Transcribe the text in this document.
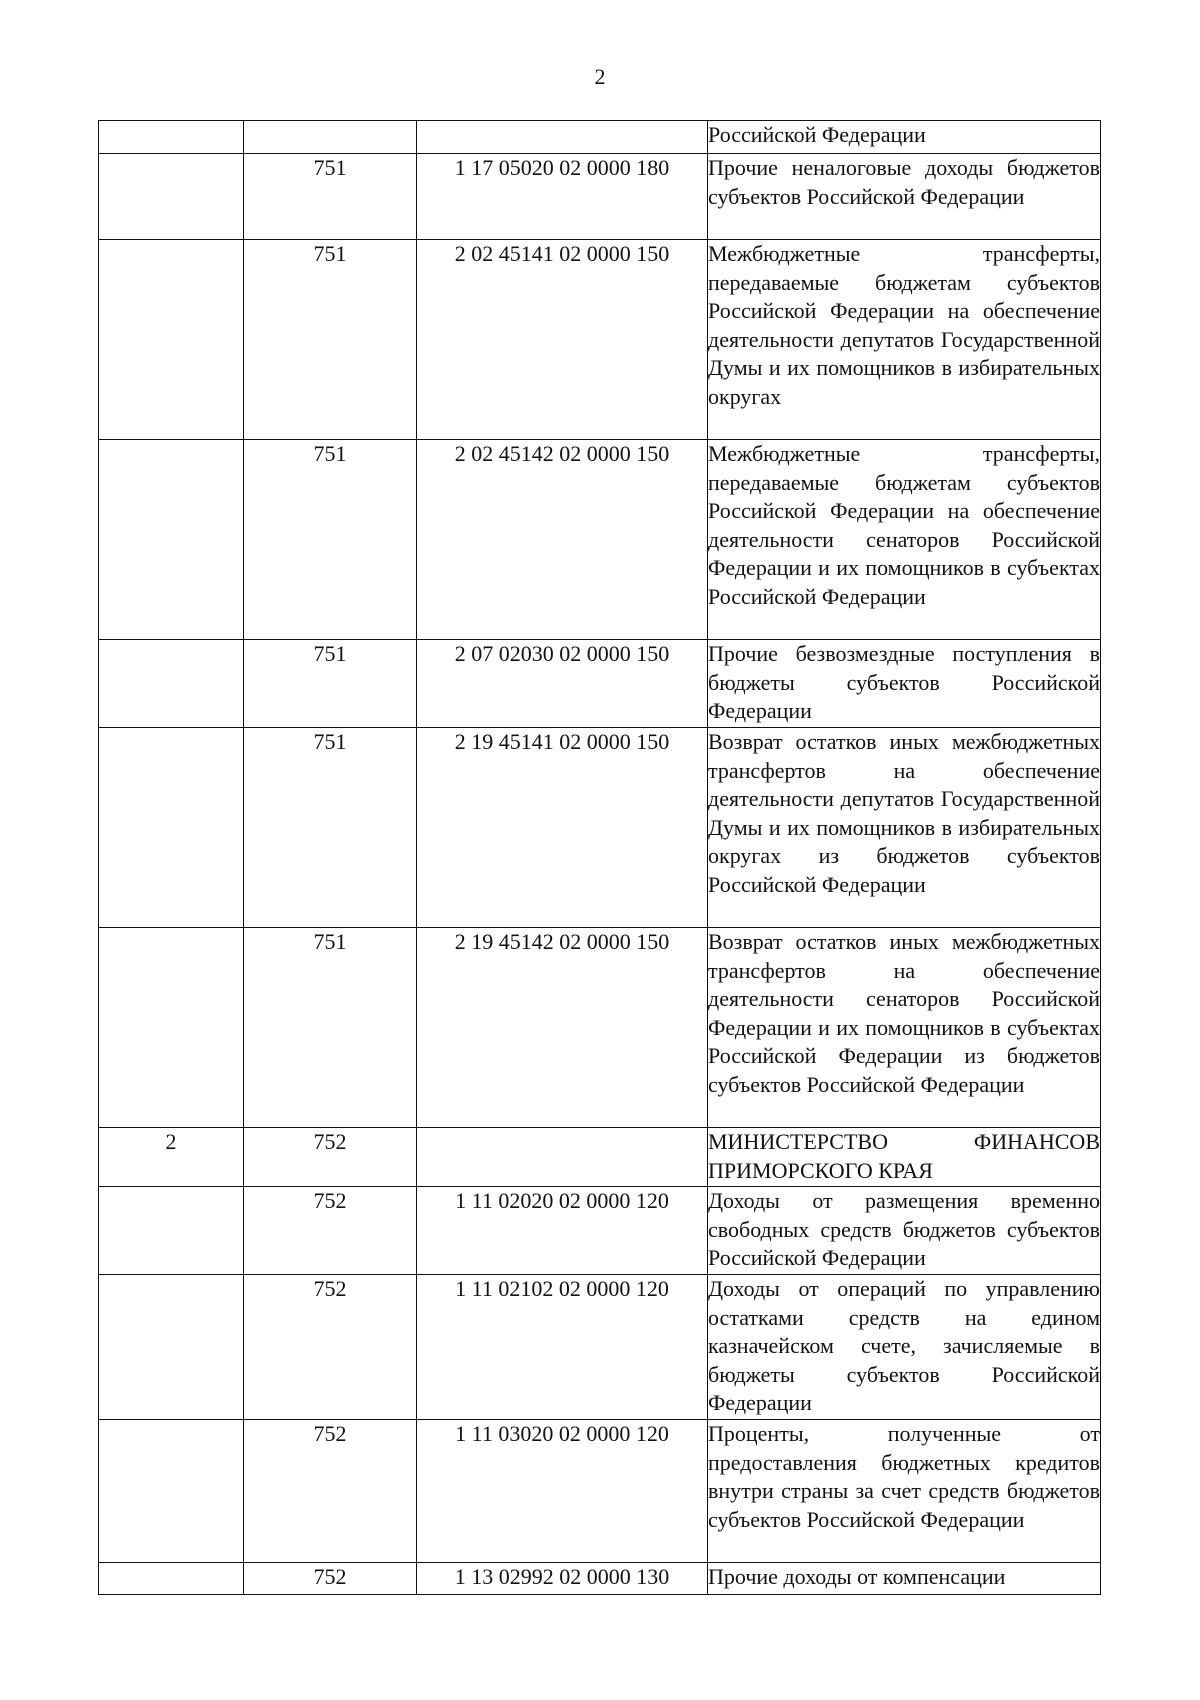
2

			Российской Федерации

	751	1 17 05020 02 0000 180	Прочие неналоговые доходы бюджетов субъектов Российской Федерации

	751	2 02 45141 02 0000 150	Межбюджетные трансферты, передаваемые бюджетам субъектов Российской Федерации на обеспечение деятельности депутатов Государственной Думы и их помощников в избирательных округах

	751	2 02 45142 02 0000 150	Межбюджетные трансферты, передаваемые бюджетам субъектов Российской Федерации на обеспечение деятельности сенаторов Российской Федерации и их помощников в субъектах Российской Федерации

	751	2 07 02030 02 0000 150	Прочие безвозмездные поступления в бюджеты субъектов Российской Федерации

	751	2 19 45141 02 0000 150	Возврат остатков иных межбюджетных трансфертов на обеспечение деятельности депутатов Государственной Думы и их помощников в избирательных округах из бюджетов субъектов Российской Федерации

	751	2 19 45142 02 0000 150	Возврат остатков иных межбюджетных трансфертов на обеспечение деятельности сенаторов Российской Федерации и их помощников в субъектах Российской Федерации из бюджетов субъектов Российской Федерации

2	752		МИНИСТЕРСТВО ФИНАНСОВ ПРИМОРСКОГО КРАЯ

	752	1 11 02020 02 0000 120	Доходы от размещения временно свободных средств бюджетов субъектов Российской Федерации

	752	1 11 02102 02 0000 120	Доходы от операций по управлению остатками средств на едином казначейском счете, зачисляемые в бюджеты субъектов Российской Федерации

	752	1 11 03020 02 0000 120	Проценты, полученные от предоставления бюджетных кредитов внутри страны за счет средств бюджетов субъектов Российской Федерации

	752	1 13 02992 02 0000 130	Прочие доходы от компенсации
